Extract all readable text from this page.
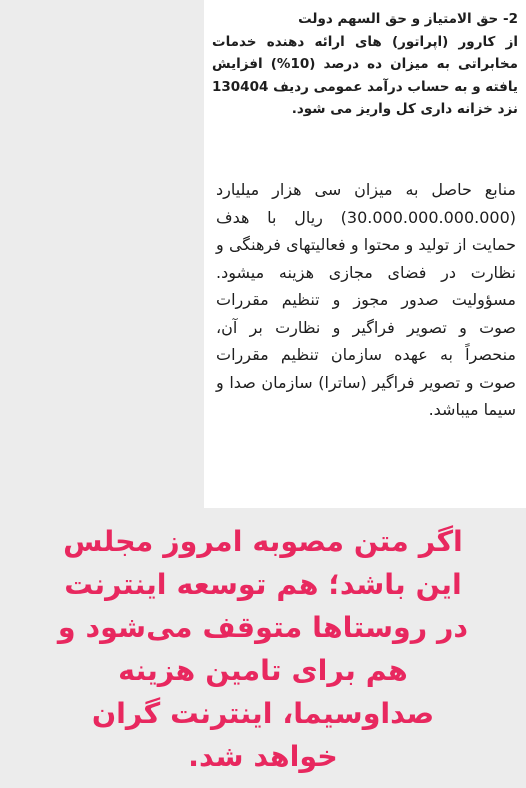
2- حق الامتیاز و حق السهم دولت

از کارور (اپراتور) های ارائه دهنده خدمات مخابراتی به میزان ده درصد (10%) افزایش یافته و به حساب درآمد عمومی ردیف 130404 نزد خزانه داری کل واریز می شود.

منابع حاصل به میزان سی هزار میلیارد (30.000.000.000.000) ریال با هدف حمایت از تولید و محتوا و فعالیتهای فرهنگی و نظارت در فضای مجازی هزینه میشود. مسؤولیت صدور مجوز و تنظیم مقررات صوت و تصویر فراگیر و نظارت بر آن، منحصراً به عهده سازمان تنظیم مقررات صوت و تصویر فراگیر (ساترا) سازمان صدا و سیما میباشد.

اگر متن مصوبه امروز مجلس

این باشد؛ هم توسعه اینترنت

در روستاها متوقف می‌شود و

هم برای تامین هزینه

صداوسیما، اینترنت گران

خواهد شد.
